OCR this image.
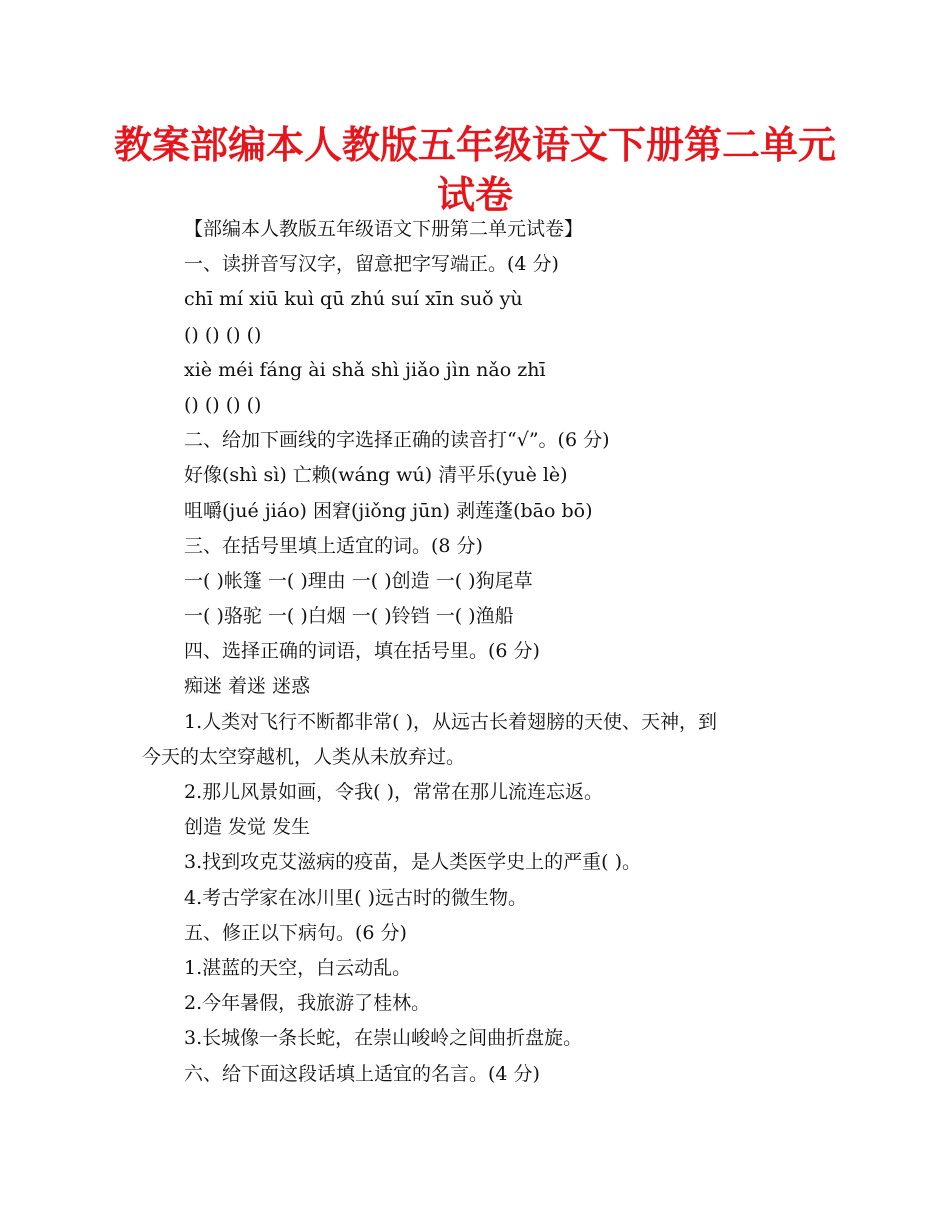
教案部编本人教版五年级语文下册第二单元试卷
【部编本人教版五年级语文下册第二单元试卷】
一、读拼音写汉字，留意把字写端正。(4 分)
chī mí xiū kuì qū zhú suí xīn suǒ yù
() () () ()
xiè méi fáng ài shǎ shì jiǎo jìn nǎo zhī
() () () ()
二、给加下画线的字选择正确的读音打“√”。(6 分)
好像(shì sì) 亡赖(wáng wú) 清平乐(yuè lè)
咀嚼(jué jiáo) 困窘(jiǒng jūn) 剥莲蓬(bāo bō)
三、在括号里填上适宜的词。(8 分)
一( )帐篷 一( )理由 一( )创造 一( )狗尾草
一( )骆驼 一( )白烟 一( )铃铛 一( )渔船
四、选择正确的词语，填在括号里。(6 分)
痴迷 着迷 迷惑
1.人类对飞行不断都非常( )，从远古长着翅膀的天使、天神，到
今天的太空穿越机，人类从未放弃过。
2.那儿风景如画，令我( )，常常在那儿流连忘返。
创造 发觉 发生
3.找到攻克艾滋病的疫苗，是人类医学史上的严重( )。
4.考古学家在冰川里( )远古时的微生物。
五、修正以下病句。(6 分)
1.湛蓝的天空，白云动乱。
2.今年暑假，我旅游了桂林。
3.长城像一条长蛇，在崇山峻岭之间曲折盘旋。
六、给下面这段话填上适宜的名言。(4 分)
